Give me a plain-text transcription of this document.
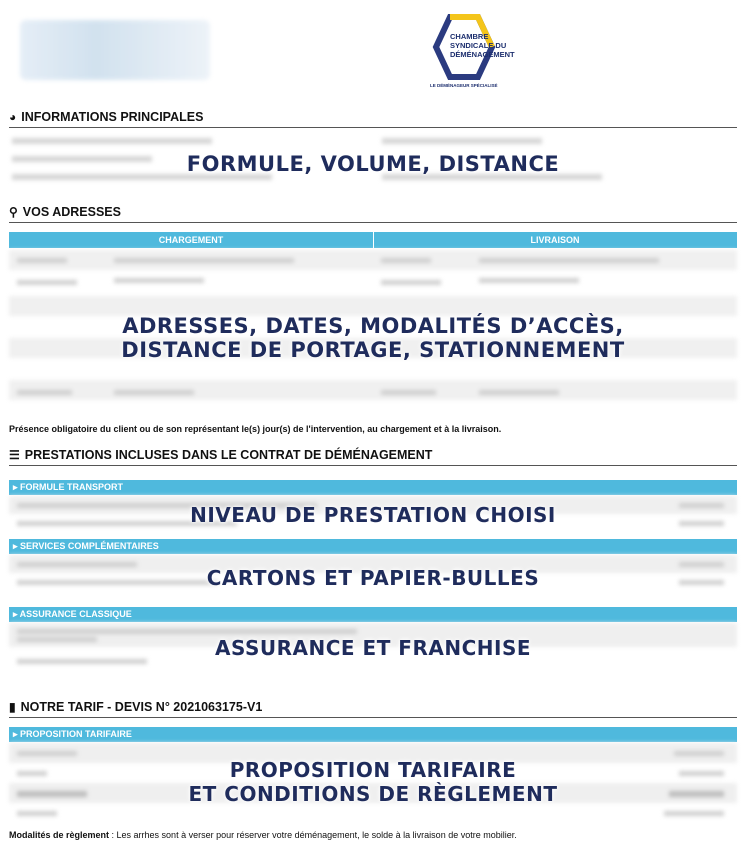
CHAMBRE
SYNDICALE DU
DÉMÉNAGEMENT
LE DÉMÉNAGEUR SPÉCIALISÉ
◕ INFORMATIONS PRINCIPALES
FORMULE, VOLUME, DISTANCE
⚲ VOS ADRESSES
CHARGEMENT	LIVRAISON
ADRESSES, DATES, MODALITÉS D’ACCÈS,
DISTANCE DE PORTAGE, STATIONNEMENT
Présence obligatoire du client ou de son représentant le(s) jour(s) de l'intervention, au chargement et à la livraison.
☰ PRESTATIONS INCLUSES DANS LE CONTRAT DE DÉMÉNAGEMENT
▸ FORMULE TRANSPORT
NIVEAU DE PRESTATION CHOISI
▸ SERVICES COMPLÉMENTAIRES
CARTONS ET PAPIER-BULLES
▸ ASSURANCE CLASSIQUE
ASSURANCE ET FRANCHISE
▮ NOTRE TARIF - DEVIS N° 2021063175-V1
▸ PROPOSITION TARIFAIRE
PROPOSITION TARIFAIRE
ET CONDITIONS DE RÈGLEMENT
Modalités de règlement : Les arrhes sont à verser pour réserver votre déménagement, le solde à la livraison de votre mobilier.
